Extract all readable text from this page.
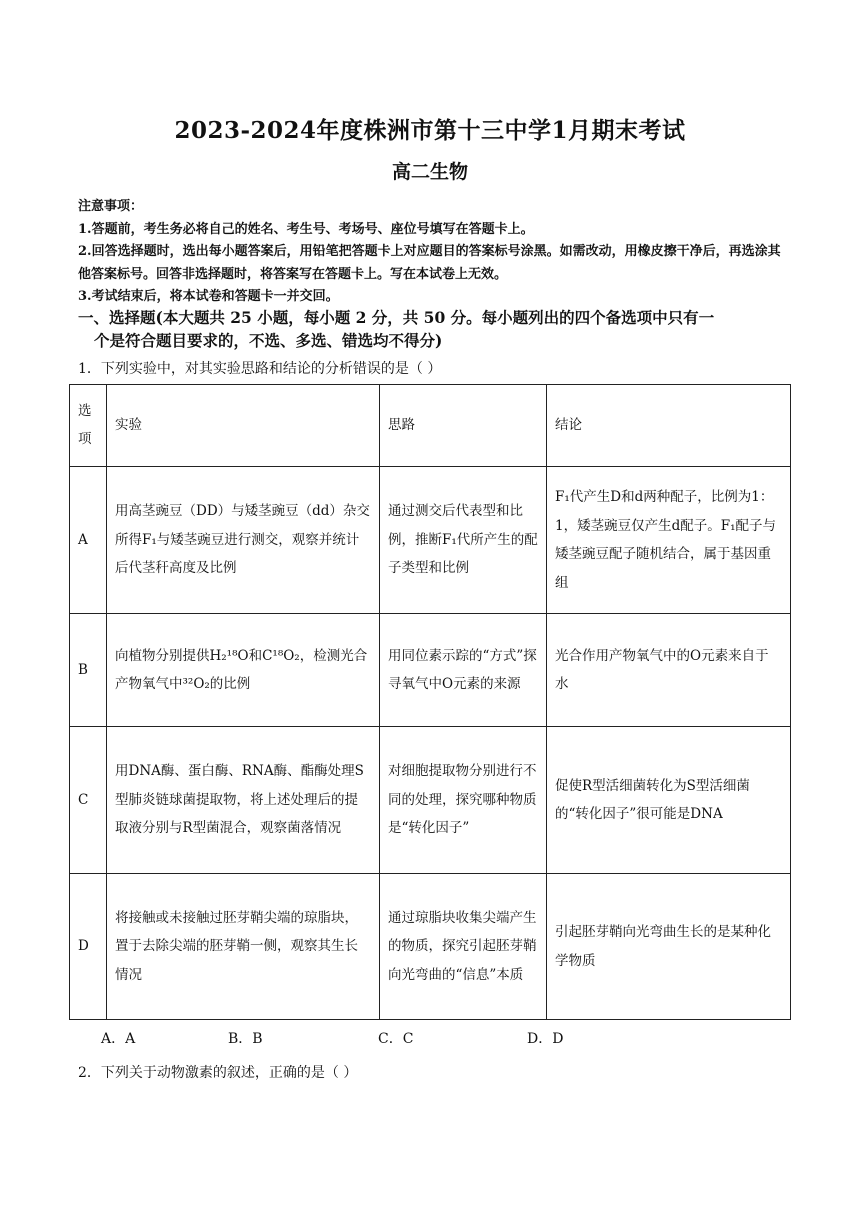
2023-2024年度株洲市第十三中学1月期末考试
高二生物
注意事项：
1.答题前，考生务必将自己的姓名、考生号、考场号、座位号填写在答题卡上。
2.回答选择题时，选出每小题答案后，用铅笔把答题卡上对应题目的答案标号涂黑。如需改动，用橡皮擦干净后，再选涂其他答案标号。回答非选择题时，将答案写在答题卡上。写在本试卷上无效。
3.考试结束后，将本试卷和答题卡一并交回。
一、选择题(本大题共 25 小题，每小题 2 分，共 50 分。每小题列出的四个备选项中只有一
个是符合题目要求的，不选、多选、错选均不得分)
1．下列实验中，对其实验思路和结论的分析错误的是（ ）
选项	实验	思路	结论
A	用高茎豌豆（DD）与矮茎豌豆（dd）杂交所得F₁与矮茎豌豆进行测交，观察并统计后代茎秆高度及比例	通过测交后代表型和比例，推断F₁代所产生的配子类型和比例	F₁代产生D和d两种配子，比例为1：1，矮茎豌豆仅产生d配子。F₁配子与矮茎豌豆配子随机结合，属于基因重组
B	向植物分别提供H₂¹⁸O和C¹⁸O₂，检测光合产物氧气中³²O₂的比例	用同位素示踪的“方式”探寻氧气中O元素的来源	光合作用产物氧气中的O元素来自于水
C	用DNA酶、蛋白酶、RNA酶、酯酶处理S型肺炎链球菌提取物，将上述处理后的提取液分别与R型菌混合，观察菌落情况	对细胞提取物分别进行不同的处理，探究哪种物质是“转化因子”	促使R型活细菌转化为S型活细菌的“转化因子”很可能是DNA
D	将接触或未接触过胚芽鞘尖端的琼脂块，置于去除尖端的胚芽鞘一侧，观察其生长情况	通过琼脂块收集尖端产生的物质，探究引起胚芽鞘向光弯曲的“信息”本质	引起胚芽鞘向光弯曲生长的是某种化学物质
A．A	B．B	C．C	D．D
2．下列关于动物激素的叙述，正确的是（ ）
